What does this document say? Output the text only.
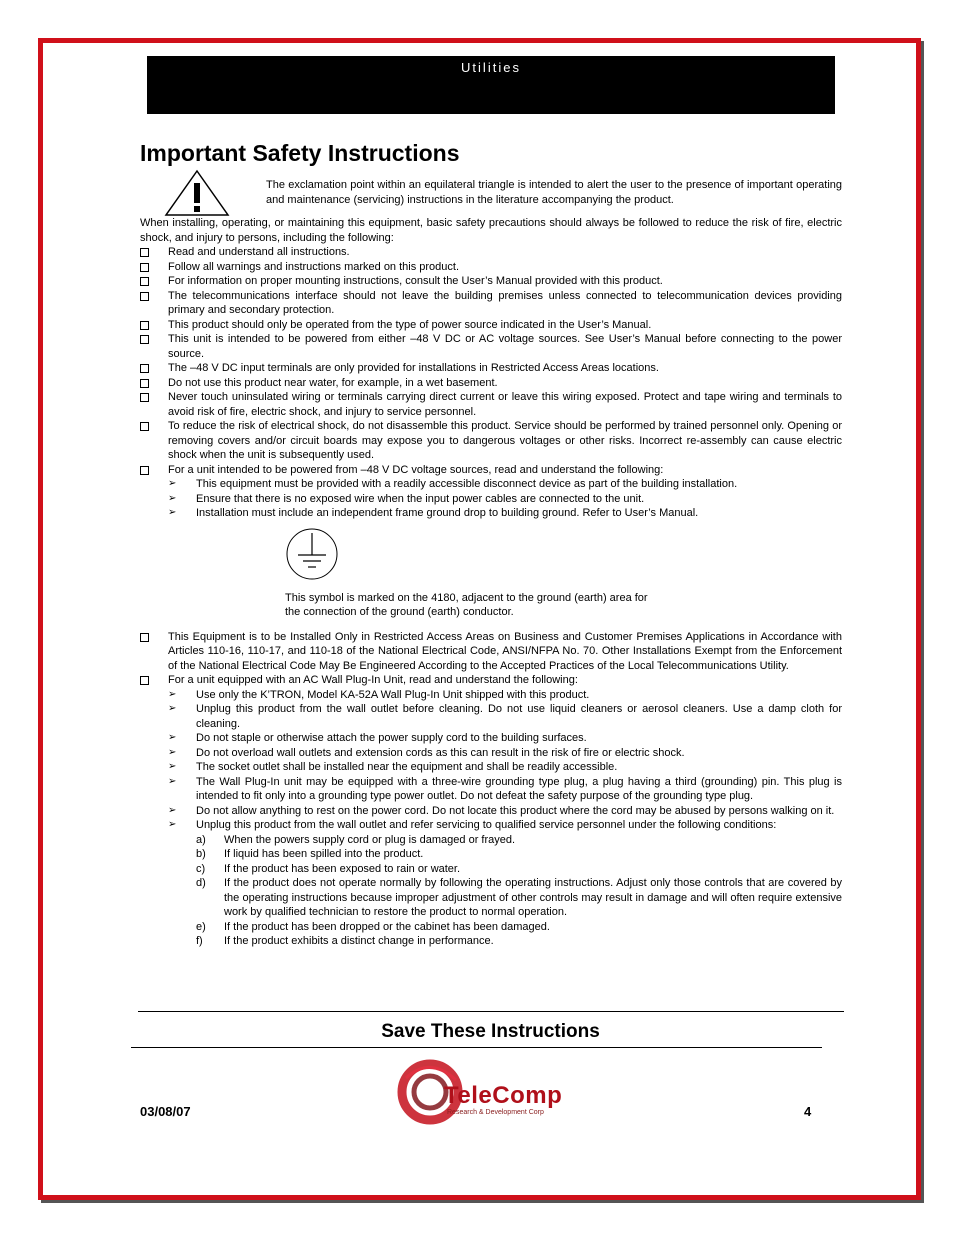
Utilities
Important Safety Instructions
The exclamation point within an equilateral triangle is intended to alert the user to the presence of important operating and maintenance (servicing) instructions in the literature accompanying the product.

When installing, operating, or maintaining this equipment, basic safety precautions should always be followed to reduce the risk of fire, electric shock, and injury to persons, including the following:

Read and understand all instructions.
Follow all warnings and instructions marked on this product.
For information on proper mounting instructions, consult the User’s Manual provided with this product.
The telecommunications interface should not leave the building premises unless connected to telecommunication devices providing primary and secondary protection.
This product should only be operated from the type of power source indicated in the User’s Manual.
This unit is intended to be powered from either –48 V DC or AC voltage sources. See User’s Manual before connecting to the power source.
The –48 V DC input terminals are only provided for installations in Restricted Access Areas locations.
Do not use this product near water, for example, in a wet basement.
Never touch uninsulated wiring or terminals carrying direct current or leave this wiring exposed. Protect and tape wiring and terminals to avoid risk of fire, electric shock, and injury to service personnel.
To reduce the risk of electrical shock, do not disassemble this product. Service should be performed by trained personnel only. Opening or removing covers and/or circuit boards may expose you to dangerous voltages or other risks. Incorrect re-assembly can cause electric shock when the unit is subsequently used.
For a unit intended to be powered from –48 V DC voltage sources, read and understand the following:
➢ This equipment must be provided with a readily accessible disconnect device as part of the building installation.
➢ Ensure that there is no exposed wire when the input power cables are connected to the unit.
➢ Installation must include an independent frame ground drop to building ground. Refer to User’s Manual.
This symbol is marked on the 4180, adjacent to the ground (earth) area for
the connection of the ground (earth) conductor.
This Equipment is to be Installed Only in Restricted Access Areas on Business and Customer Premises Applications in Accordance with Articles 110-16, 110-17, and 110-18 of the National Electrical Code, ANSI/NFPA No. 70. Other Installations Exempt from the Enforcement of the National Electrical Code May Be Engineered According to the Accepted Practices of the Local Telecommunications Utility.
For a unit equipped with an AC Wall Plug-In Unit, read and understand the following:
➢ Use only the K’TRON, Model KA-52A Wall Plug-In Unit shipped with this product.
➢ Unplug this product from the wall outlet before cleaning. Do not use liquid cleaners or aerosol cleaners. Use a damp cloth for cleaning.
➢ Do not staple or otherwise attach the power supply cord to the building surfaces.
➢ Do not overload wall outlets and extension cords as this can result in the risk of fire or electric shock.
➢ The socket outlet shall be installed near the equipment and shall be readily accessible.
➢ The Wall Plug-In unit may be equipped with a three-wire grounding type plug, a plug having a third (grounding) pin. This plug is intended to fit only into a grounding type power outlet. Do not defeat the safety purpose of the grounding type plug.
➢ Do not allow anything to rest on the power cord. Do not locate this product where the cord may be abused by persons walking on it.
➢ Unplug this product from the wall outlet and refer servicing to qualified service personnel under the following conditions:
a) When the powers supply cord or plug is damaged or frayed.
b) If liquid has been spilled into the product.
c) If the product has been exposed to rain or water.
d) If the product does not operate normally by following the operating instructions. Adjust only those controls that are covered by the operating instructions because improper adjustment of other controls may result in damage and will often require extensive work by qualified technician to restore the product to normal operation.
e) If the product has been dropped or the cabinet has been damaged.
f) If the product exhibits a distinct change in performance.
Save These Instructions
03/08/07
TeleComp
Research & Development Corp	4
